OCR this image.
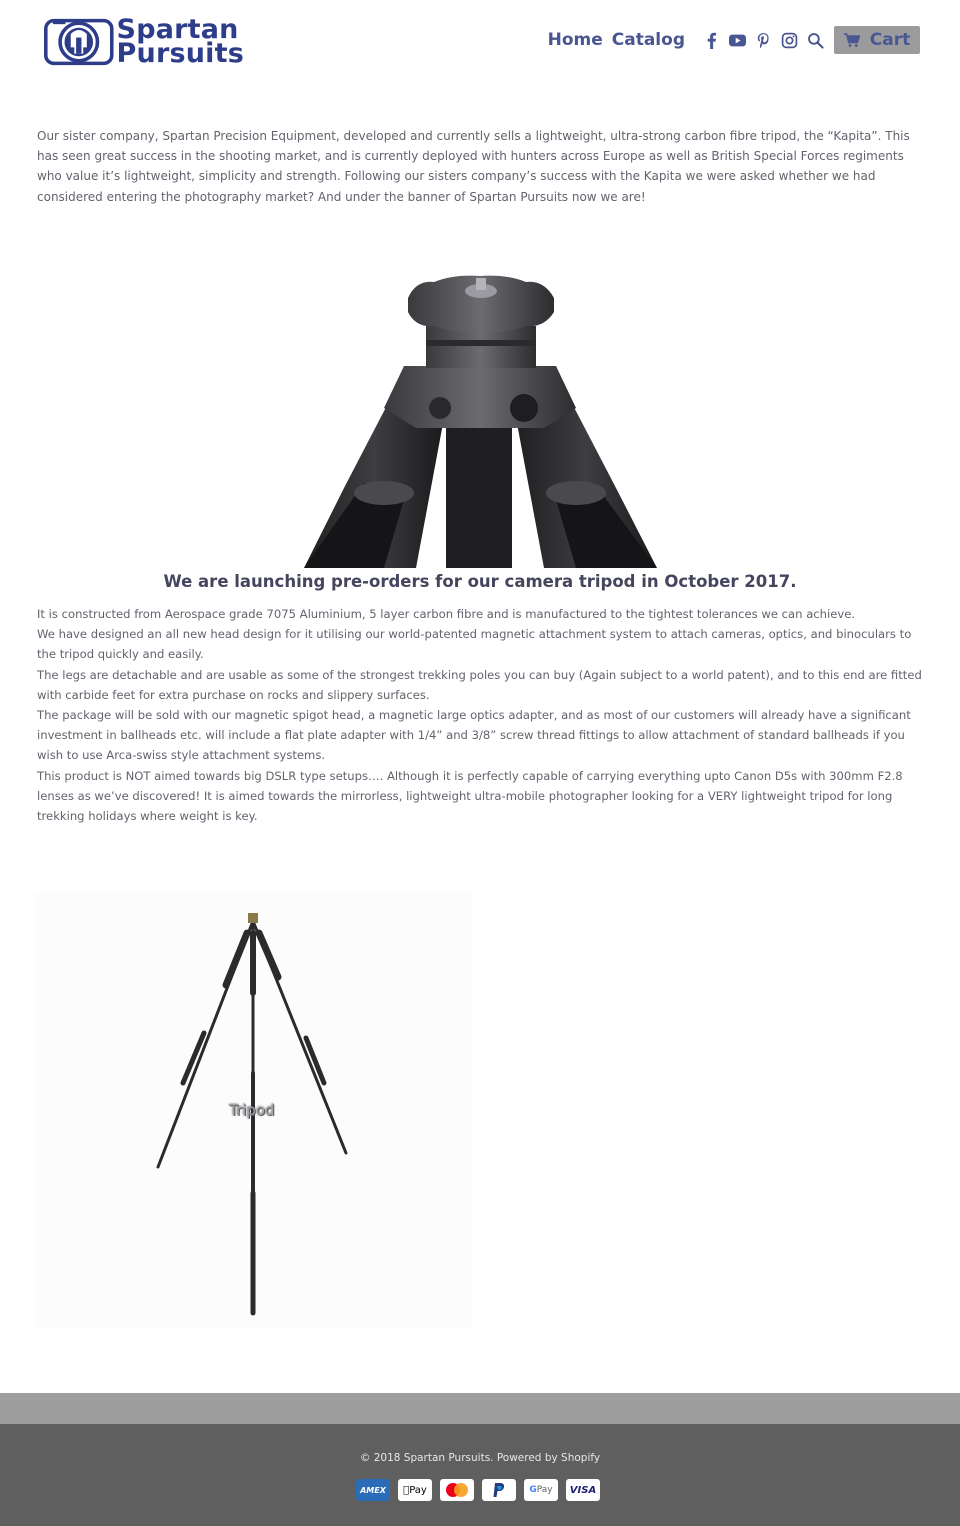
Spartan
Pursuits	Home Catalog	Cart

Our sister company, Spartan Precision Equipment, developed and currently sells a lightweight, ultra-strong carbon fibre tripod, the “Kapita”. This has seen great success in the shooting market, and is currently deployed with hunters across Europe as well as British Special Forces regiments who value it’s lightweight, simplicity and strength. Following our sisters company’s success with the Kapita we were asked whether we had considered entering the photography market? And under the banner of Spartan Pursuits now we are!

We are launching pre-orders for our camera tripod in October 2017.

It is constructed from Aerospace grade 7075 Aluminium, 5 layer carbon fibre and is manufactured to the tightest tolerances we can achieve.

We have designed an all new head design for it utilising our world-patented magnetic attachment system to attach cameras, optics, and binoculars to the tripod quickly and easily.

The legs are detachable and are usable as some of the strongest trekking poles you can buy (Again subject to a world patent), and to this end are fitted with carbide feet for extra purchase on rocks and slippery surfaces.

The package will be sold with our magnetic spigot head, a magnetic large optics adapter, and as most of our customers will already have a significant investment in ballheads etc. will include a flat plate adapter with 1/4” and 3/8” screw thread fittings to allow attachment of standard ballheads if you wish to use Arca-swiss style attachment systems.

This product is NOT aimed towards big DSLR type setups…. Although it is perfectly capable of carrying everything upto Canon D5s with 300mm F2.8 lenses as we’ve discovered! It is aimed towards the mirrorless, lightweight ultra-mobile photographer looking for a VERY lightweight tripod for long trekking holidays where weight is key.

Tripod
© 2018 Spartan Pursuits. Powered by Shopify
AMEX Pay	G Pay VISA
